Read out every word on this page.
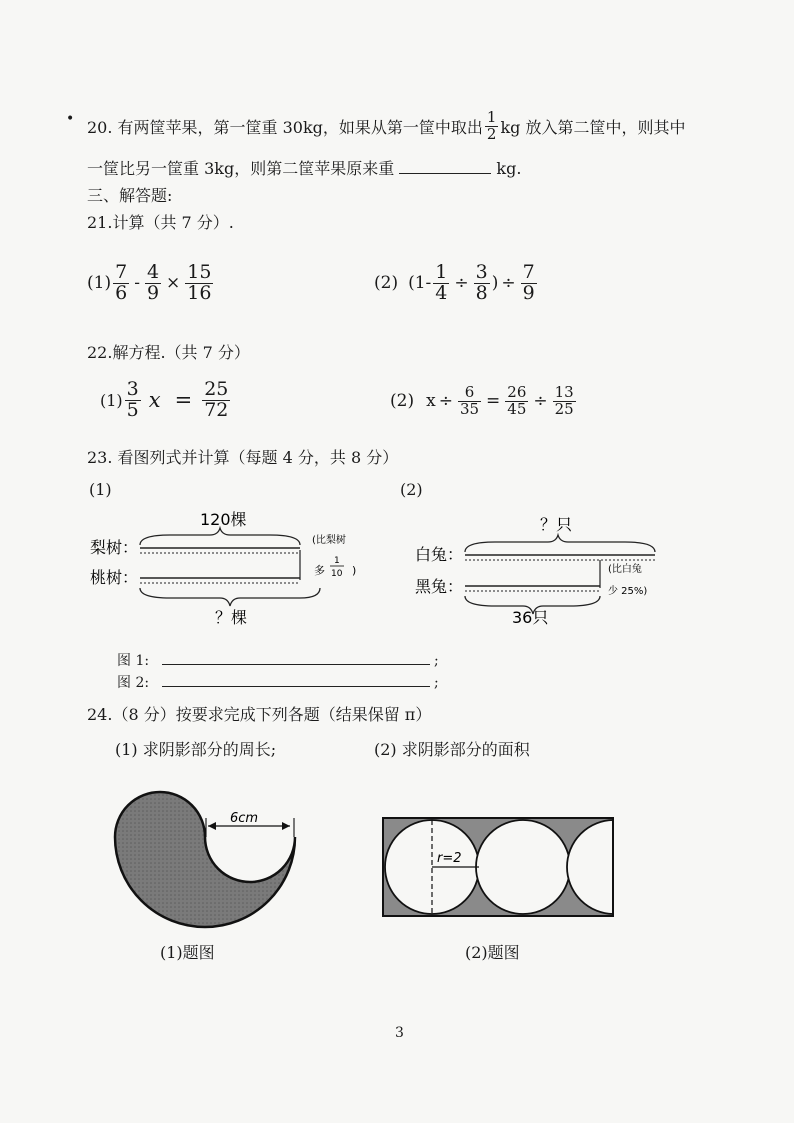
• 20. 有两筐苹果，第一筐重 30kg，如果从第一筐中取出 $\frac{1}{2}$ kg 放入第二筐中，则其中
一筐比另一筐重 3kg，则第二筐苹果原来重	kg.
三、解答题:
21.计算（共 7 分）.
$(1) \frac{7}{6} - \frac{4}{9} \times \frac{15}{16}$	(2) ($1- \frac{1}{4} \div \frac{3}{8}$ ) ÷ $\frac{7}{9}$
22.解方程.（共 7 分）
$(1) \frac{3}{5}$ $x = \frac{25}{72}$	(2) $x \div \frac{6}{35} = \frac{26}{45} \div \frac{13}{25}$
23. 看图列式并计算（每题 4 分，共 8 分）
(1)	(2)
120棵
梨树：
桃树：
(比梨树
多
1
10 )
？棵
？只
白兔：
黑兔：
(比白兔
少 25%)
36只
图 1:	;
图 2:	;
24.（8 分）按要求完成下列各题（结果保留 π）
(1) 求阴影部分的周长;	(2) 求阴影部分的面积
6cm
(1)题图
r=2
(2)题图
3
